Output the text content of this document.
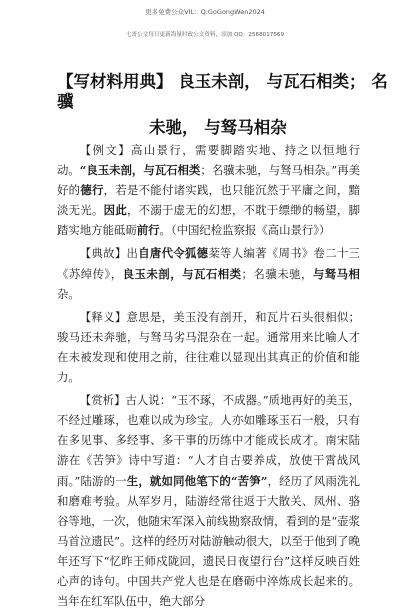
更多免费公众VIL：Q:GoGongWen2024
七哥公文每日更新海量时政公文资料，添加 QQ：2568017569
【写材料用典】 良玉未剖， 与瓦石相类； 名
骥
未驰， 与驽马相杂

【例文】高山景行，需要脚踏实地、持之以恒地行动。“良玉未剖，与瓦石相类；名骥未驰，与驽马相杂。”再美好的德行，若是不能付诸实践，也只能沉然于平庸之间，黯淡无光。因此，不溺于虚无的幻想，不耽于缥缈的畅望，脚踏实地方能砥砺前行。（中国纪检监察报《高山景行》）

【典故】出自唐代令狐德棻等人编著《周书》卷二十三《苏绰传》，良玉未剖，与瓦石相类；名骥未驰，与驽马相杂。

【释义】意思是，美玉没有剖开，和瓦片石头很相似；骏马还未奔驰，与驽马劣马混杂在一起。通常用来比喻人才在未被发现和使用之前，往往难以显现出其真正的价值和能力。

【赏析】古人说：“玉不琢，不成器。”质地再好的美玉，不经过雕琢，也难以成为珍宝。人亦如雕琢玉石一般，只有在多见事、多经事、多干事的历练中才能成长成才。南宋陆游在《苦笋》诗中写道：“人才自古要养成，放使干霄战风雨。”陆游的一生，就如同他笔下的“苦笋”，经历了风雨洗礼和磨难考验。从军岁月，陆游经常往返于大散关、凤州、骆谷等地，一次，他随宋军深入前线勘察敌情，看到的是“壶浆马首泣遗民”。这样的经历对陆游触动很大，以至于他到了晚年还写下“忆昨王师戍陇回，遗民日夜望行台”这样反映百姓心声的诗句。中国共产党人也是在磨砺中淬炼成长起来的。当年在红军队伍中，绝大部分
